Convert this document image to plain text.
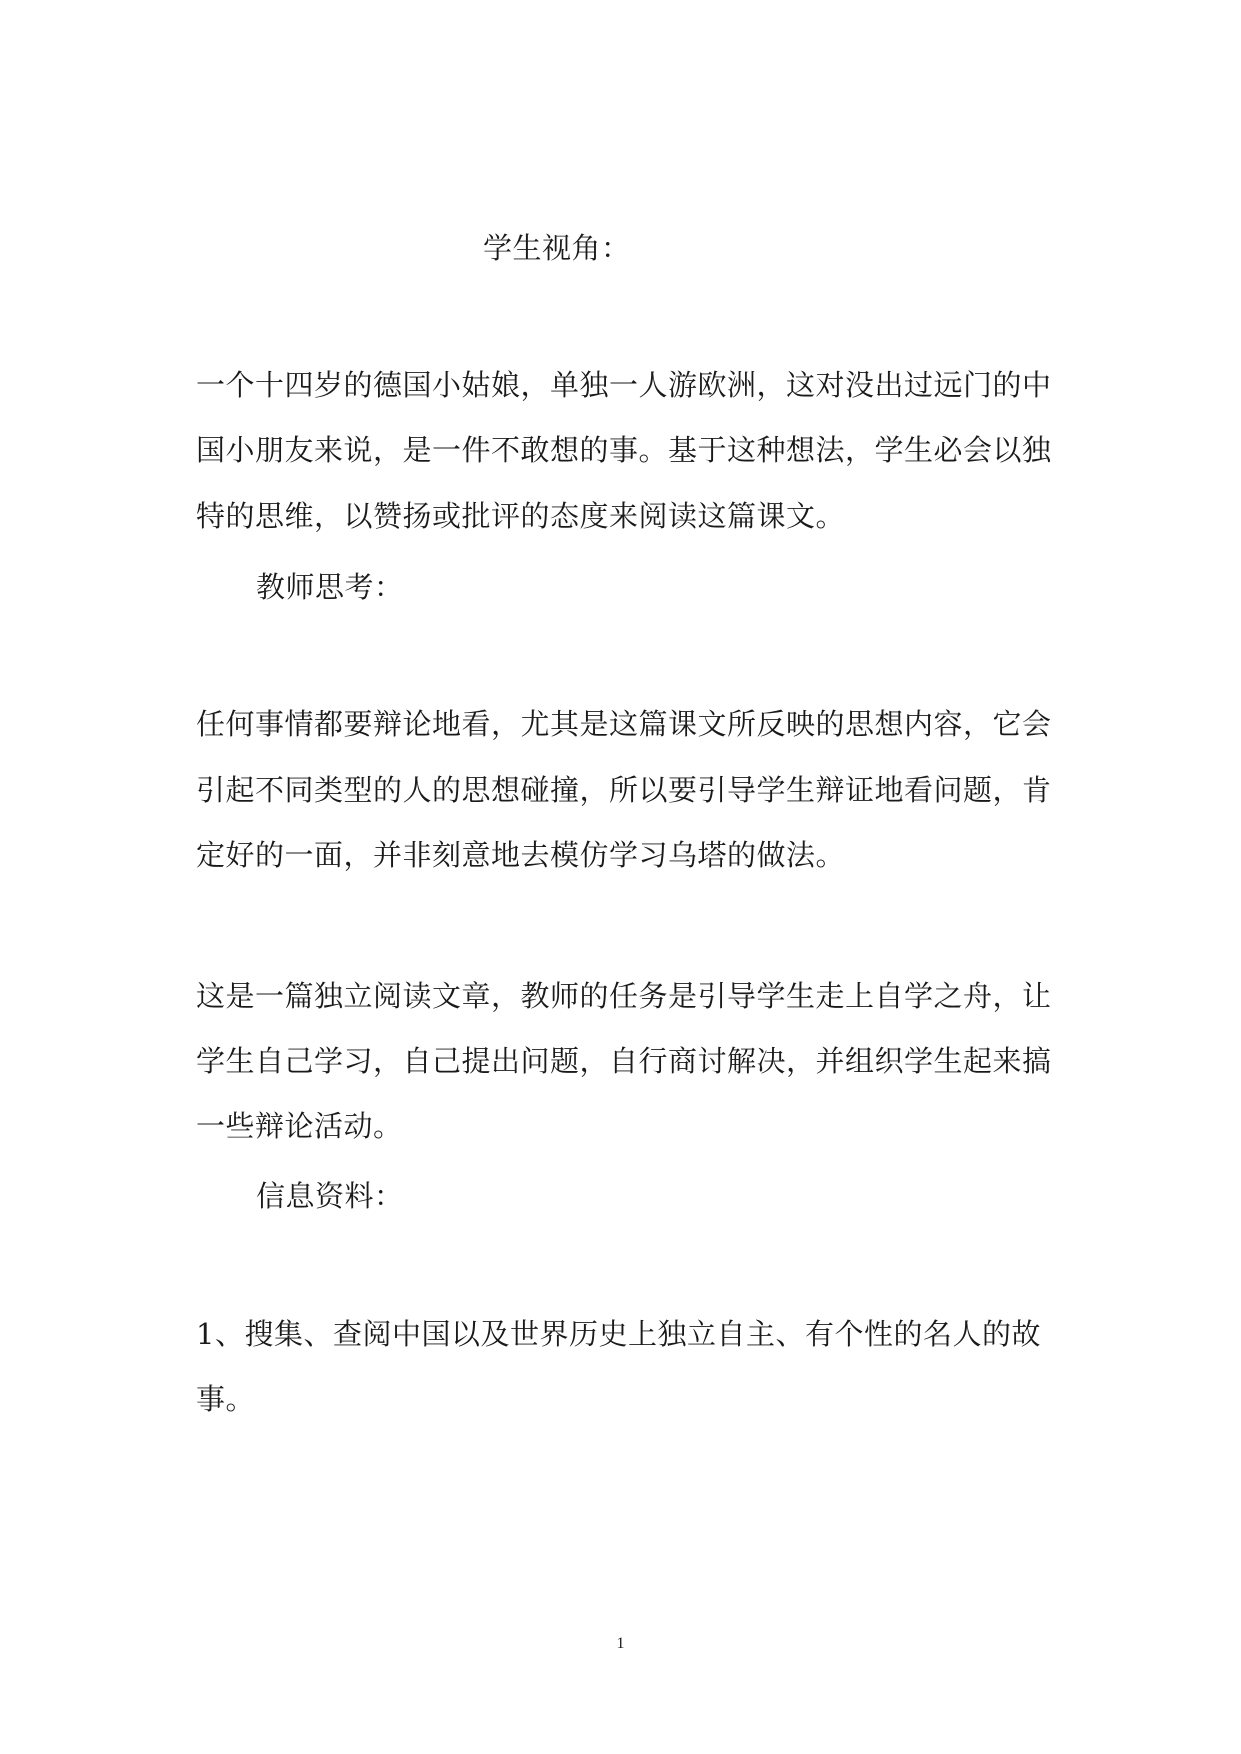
学生视角：
一个十四岁的德国小姑娘，单独一人游欧洲，这对没出过远门的中
国小朋友来说，是一件不敢想的事。基于这种想法，学生必会以独
特的思维，以赞扬或批评的态度来阅读这篇课文。
教师思考：
任何事情都要辩论地看，尤其是这篇课文所反映的思想内容，它会
引起不同类型的人的思想碰撞，所以要引导学生辩证地看问题，肯
定好的一面，并非刻意地去模仿学习乌塔的做法。
这是一篇独立阅读文章，教师的任务是引导学生走上自学之舟，让
学生自己学习，自己提出问题，自行商讨解决，并组织学生起来搞
一些辩论活动。
信息资料：
1、搜集、查阅中国以及世界历史上独立自主、有个性的名人的故
事。
1
